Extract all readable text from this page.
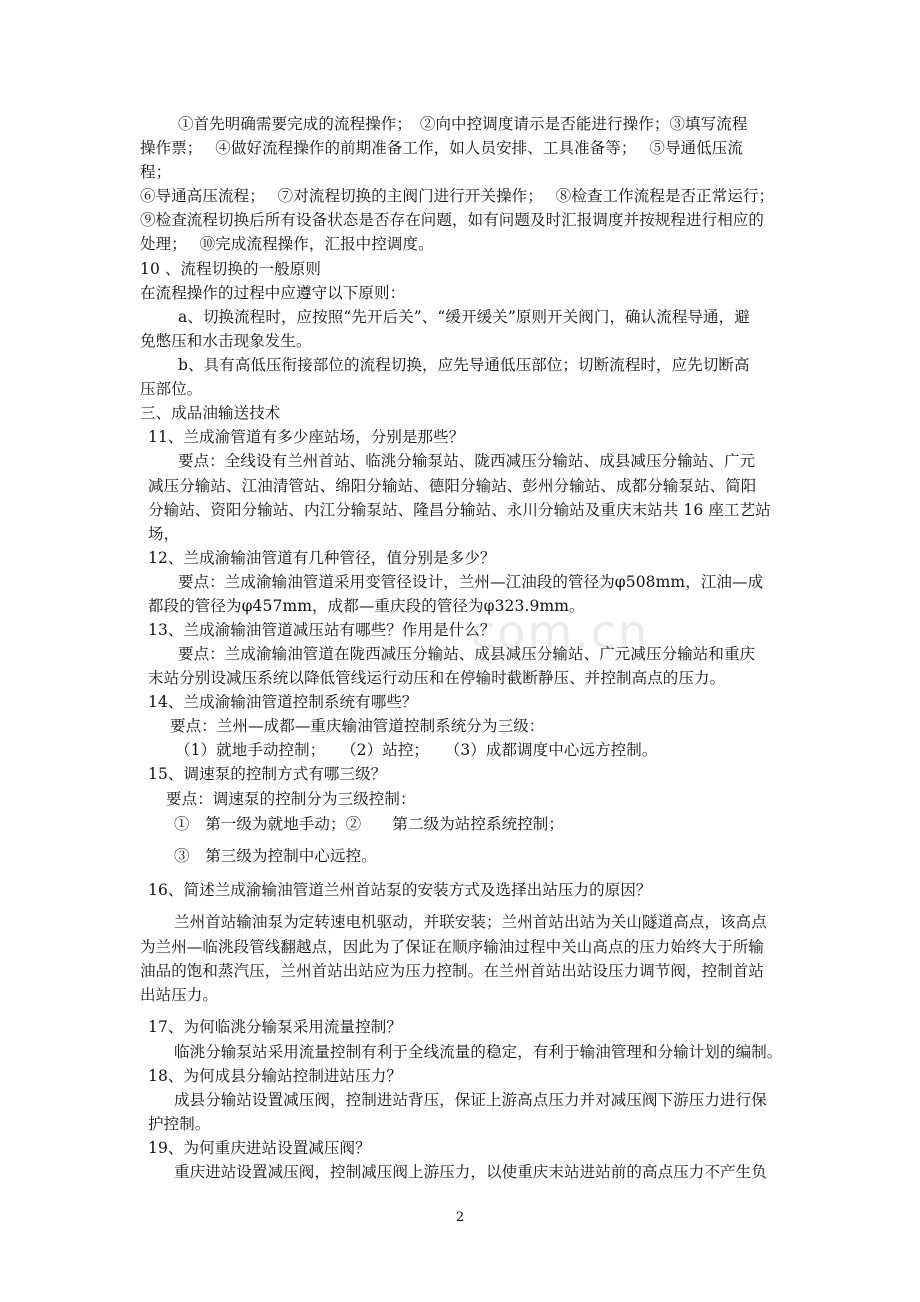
com.cn
①首先明确需要完成的流程操作；　②向中控调度请示是否能进行操作；③填写流程
操作票；　 ④做好流程操作的前期准备工作，如人员安排、工具准备等；　 ⑤导通低压流
程；
⑥导通高压流程；　 ⑦对流程切换的主阀门进行开关操作；　 ⑧检查工作流程是否正常运行；
⑨检查流程切换后所有设备状态是否存在问题，如有问题及时汇报调度并按规程进行相应的
处理；　 ⑩完成流程操作，汇报中控调度。
10 、流程切换的一般原则
在流程操作的过程中应遵守以下原则：
a、切换流程时，应按照“先开后关”、“缓开缓关”原则开关阀门，确认流程导通，避
免憋压和水击现象发生。
b、具有高低压衔接部位的流程切换，应先导通低压部位；切断流程时，应先切断高
压部位。
三、成品油输送技术
11、兰成渝管道有多少座站场，分别是那些？
要点：全线设有兰州首站、临洮分输泵站、陇西减压分输站、成县减压分输站、广元
减压分输站、江油清管站、绵阳分输站、德阳分输站、彭州分输站、成都分输泵站、简阳
分输站、资阳分输站、内江分输泵站、隆昌分输站、永川分输站及重庆末站共 16 座工艺站
场，
12、兰成渝输油管道有几种管径，值分别是多少？
要点：兰成渝输油管道采用变管径设计，兰州—江油段的管径为φ508mm，江油—成
都段的管径为φ457mm，成都—重庆段的管径为φ323.9mm。
13、兰成渝输油管道减压站有哪些？作用是什么？
要点：兰成渝输油管道在陇西减压分输站、成县减压分输站、广元减压分输站和重庆
末站分别设减压系统以降低管线运行动压和在停输时截断静压、并控制高点的压力。
14、兰成渝输油管道控制系统有哪些？
要点：兰州—成都—重庆输油管道控制系统分为三级：
（1）就地手动控制；　　（2）站控；　　（3）成都调度中心远方控制。
15、调速泵的控制方式有哪三级？
要点：调速泵的控制分为三级控制：
①　第一级为就地手动；②　　第二级为站控系统控制；
③　第三级为控制中心远控。
16、简述兰成渝输油管道兰州首站泵的安装方式及选择出站压力的原因？
兰州首站输油泵为定转速电机驱动，并联安装；兰州首站出站为关山隧道高点，该高点
为兰州—临洮段管线翻越点，因此为了保证在顺序输油过程中关山高点的压力始终大于所输
油品的饱和蒸汽压，兰州首站出站应为压力控制。在兰州首站出站设压力调节阀，控制首站
出站压力。
17、为何临洮分输泵采用流量控制？
临洮分输泵站采用流量控制有利于全线流量的稳定，有利于输油管理和分输计划的编制。
18、为何成县分输站控制进站压力？
成县分输站设置减压阀，控制进站背压，保证上游高点压力并对减压阀下游压力进行保
护控制。
19、为何重庆进站设置减压阀？
重庆进站设置减压阀，控制减压阀上游压力，以使重庆末站进站前的高点压力不产生负
2
